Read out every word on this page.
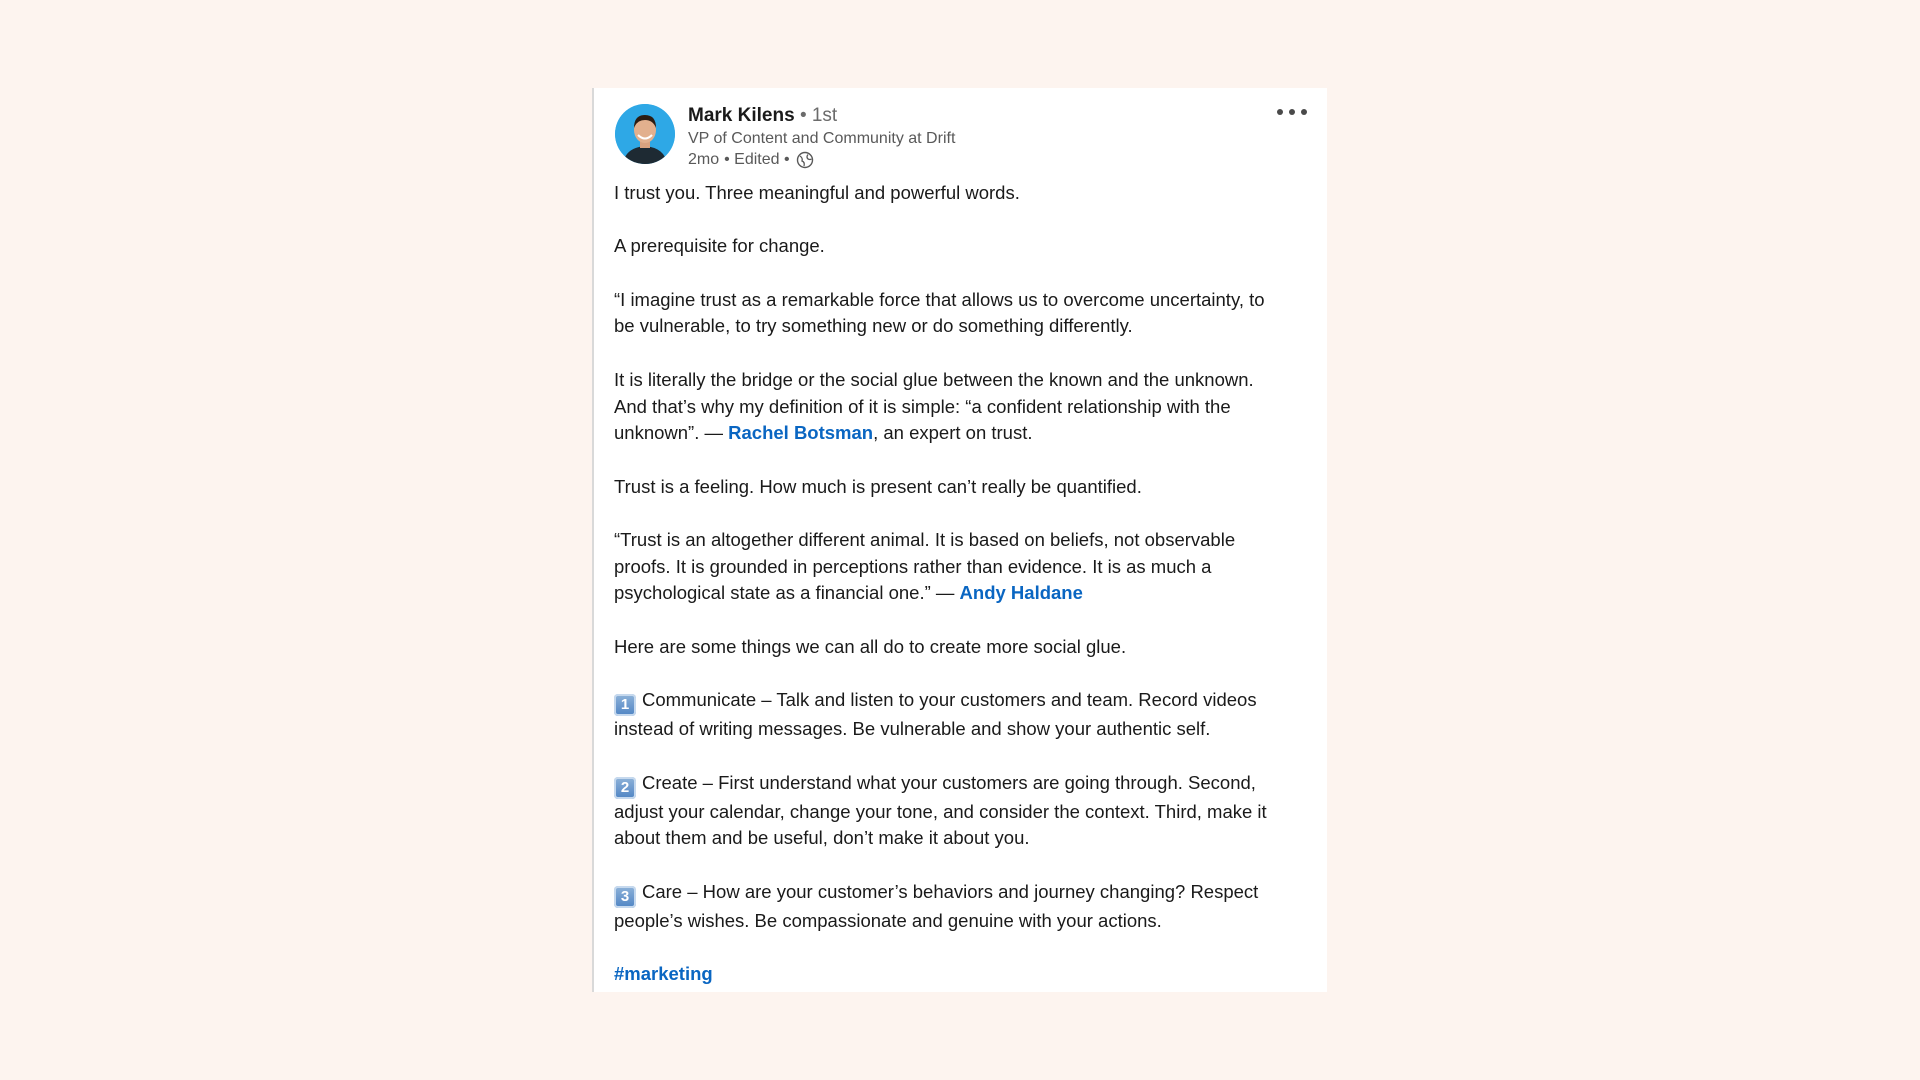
Mark Kilens • 1st
VP of Content and Community at Drift
2mo • Edited •

I trust you. Three meaningful and powerful words.

A prerequisite for change.

“I imagine trust as a remarkable force that allows us to overcome uncertainty, to
be vulnerable, to try something new or do something differently.

It is literally the bridge or the social glue between the known and the unknown.
And that’s why my definition of it is simple: “a confident relationship with the
unknown”. — Rachel Botsman, an expert on trust.

Trust is a feeling. How much is present can’t really be quantified.

“Trust is an altogether different animal. It is based on beliefs, not observable
proofs. It is grounded in perceptions rather than evidence. It is as much a
psychological state as a financial one.” — Andy Haldane

Here are some things we can all do to create more social glue.

1 Communicate – Talk and listen to your customers and team. Record videos
instead of writing messages. Be vulnerable and show your authentic self.

2 Create – First understand what your customers are going through. Second,
adjust your calendar, change your tone, and consider the context. Third, make it
about them and be useful, don’t make it about you.

3 Care – How are your customer’s behaviors and journey changing? Respect
people’s wishes. Be compassionate and genuine with your actions.

#marketing
